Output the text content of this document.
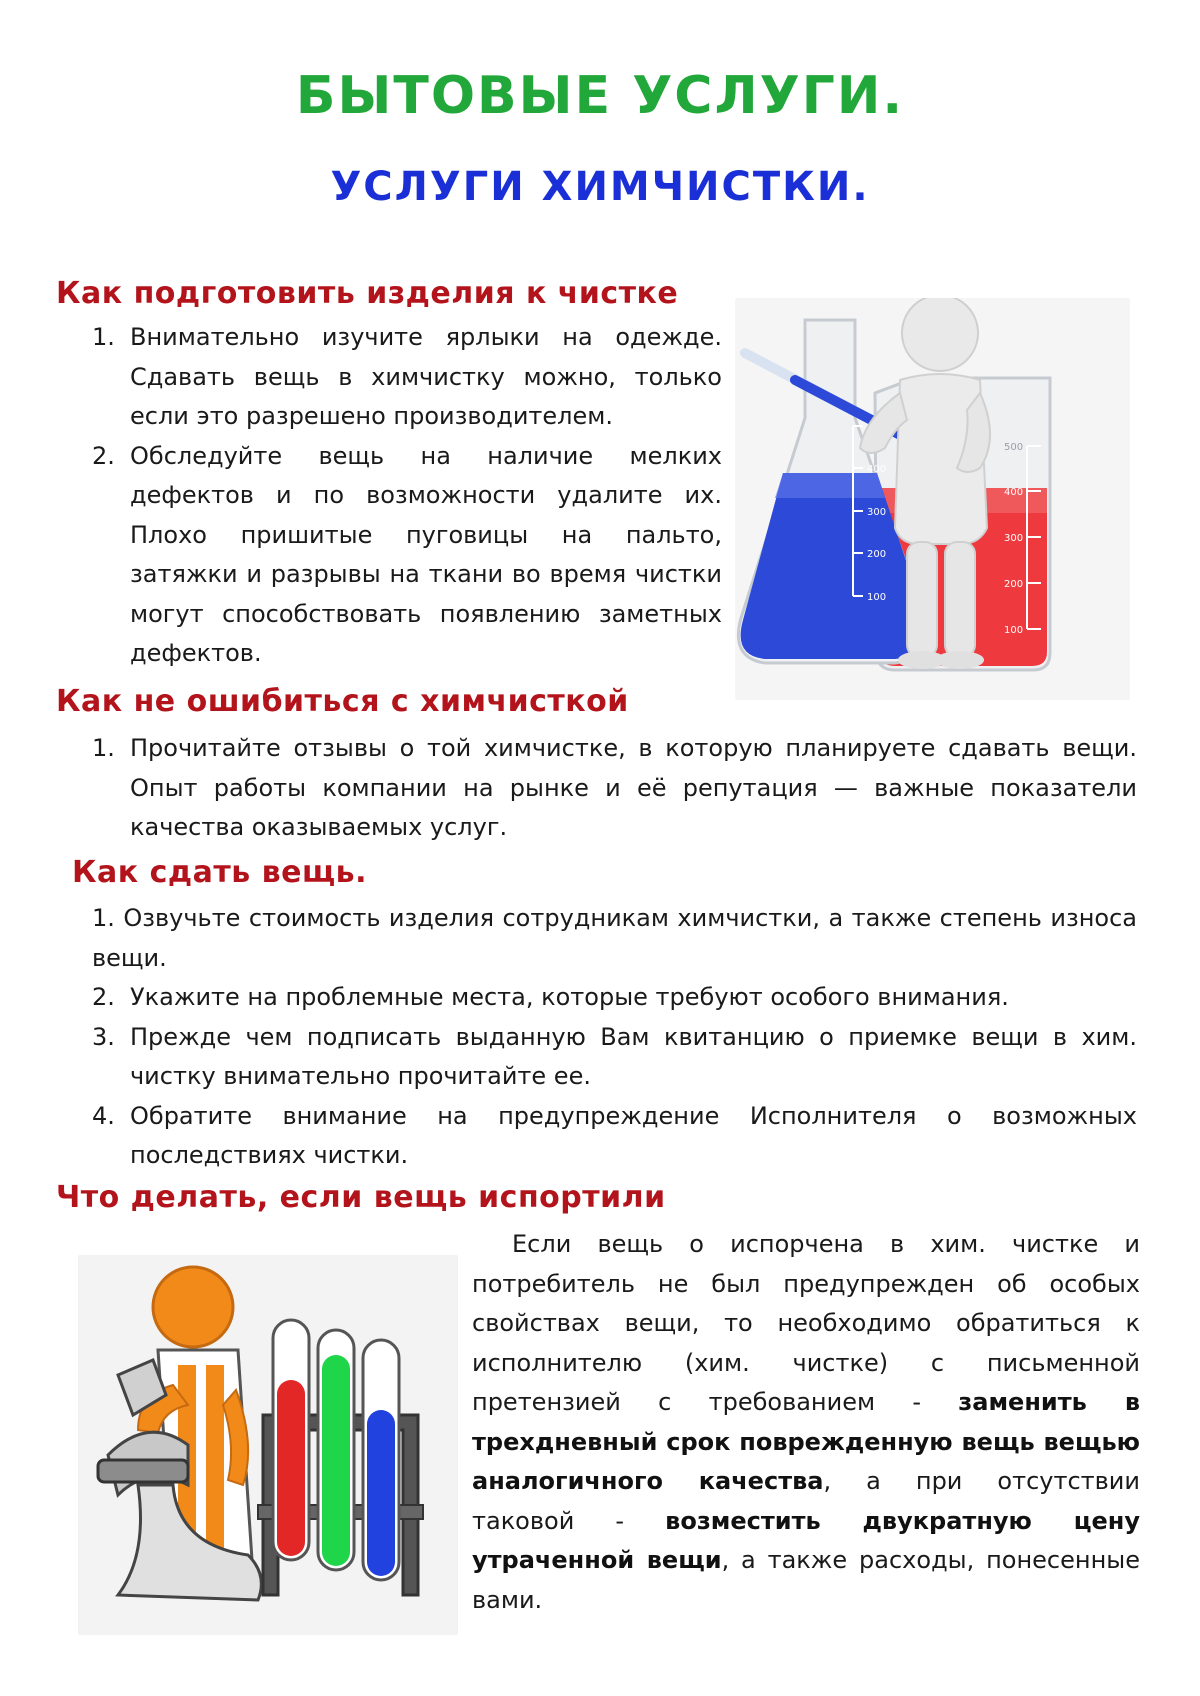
БЫТОВЫЕ УСЛУГИ.
УСЛУГИ ХИМЧИСТКИ.
Как подготовить изделия к чистке
1. Внимательно изучите ярлыки на одежде. Сдавать вещь в химчистку можно, только если это разрешено производителем.
2. Обследуйте вещь на наличие мелких дефектов и по возможности удалите их. Плохо пришитые пуговицы на пальто, затяжки и разрывы на ткани во время чистки могут способствовать появлению заметных дефектов.
500
400
300
200
100
400
300
200
100
Как не ошибиться с химчисткой
1. Прочитайте отзывы о той химчистке, в которую планируете сдавать вещи. Опыт работы компании на рынке и её репутация — важные показатели качества оказываемых услуг.
Как сдать вещь.
1. Озвучьте стоимость изделия сотрудникам химчистки, а также степень износа вещи.
2. Укажите на проблемные места, которые требуют особого внимания.
3. Прежде чем подписать выданную Вам квитанцию о приемке вещи в хим. чистку внимательно прочитайте ее.
4. Обратите внимание на предупреждение Исполнителя о возможных последствиях чистки.
Что делать, если вещь испортили
Если вещь о испорчена в хим. чистке и потребитель не был предупрежден об особых свойствах вещи, то необходимо обратиться к исполнителю (хим. чистке) с письменной претензией с требованием - заменить в трехдневный срок поврежденную вещь вещью аналогичного качества, а при отсутствии таковой - возместить двукратную цену утраченной вещи, а также расходы, понесенные вами.
